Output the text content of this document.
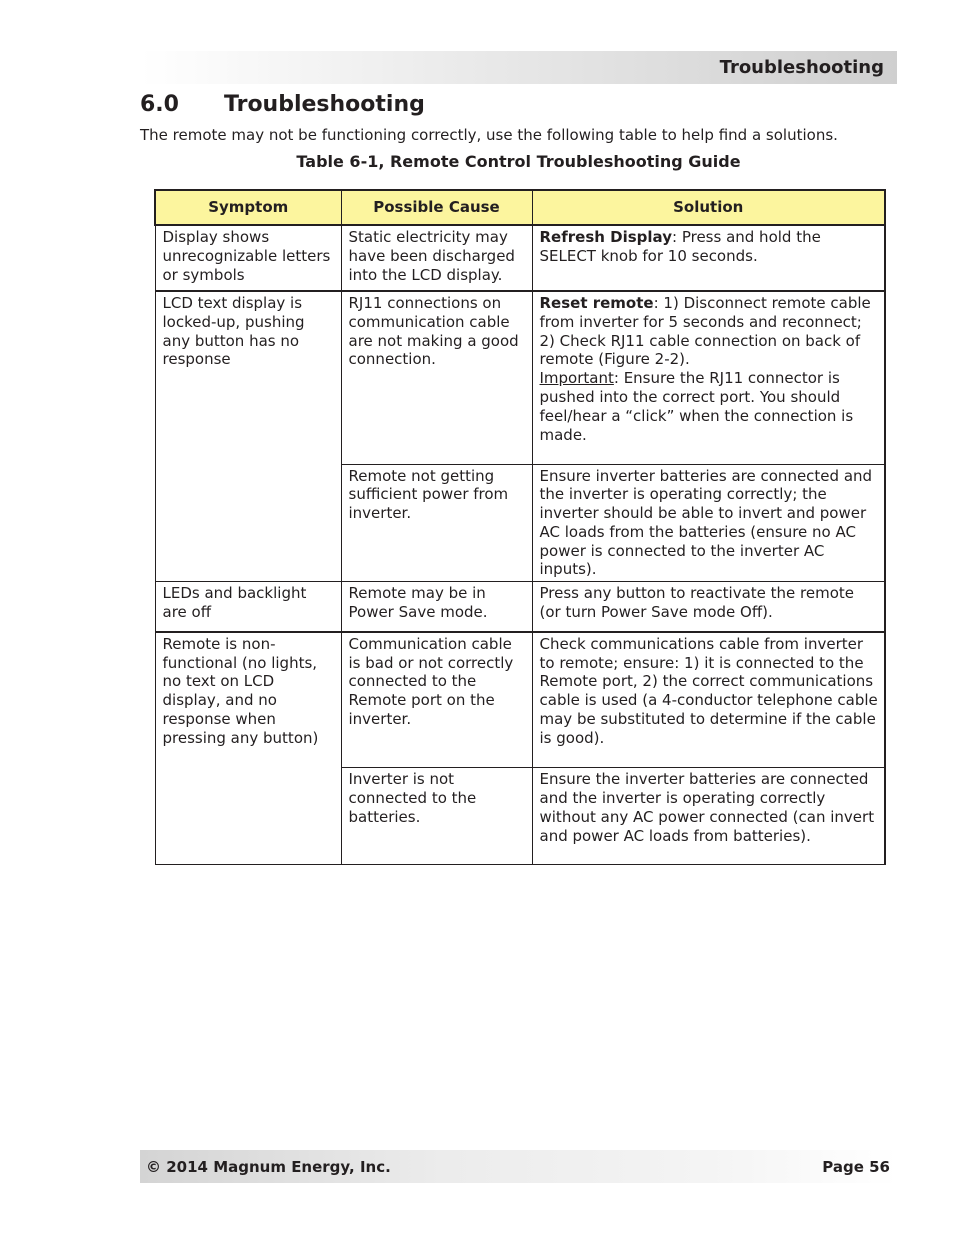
Troubleshooting
6.0 Troubleshooting

The remote may not be functioning correctly, use the following table to help find a solutions.

Table 6-1, Remote Control Troubleshooting Guide

Symptom	Possible Cause	Solution
Display shows unrecognizable letters or symbols	Static electricity may have been discharged into the LCD display.	Refresh Display: Press and hold the SELECT knob for 10 seconds.
LCD text display is locked-up, pushing any button has no response	RJ11 connections on communication cable are not making a good connection.	Reset remote: 1) Disconnect remote cable from inverter for 5 seconds and reconnect;
2) Check RJ11 cable connection on back of remote (Figure 2-2).
Important: Ensure the RJ11 connector is pushed into the correct port. You should feel/hear a “click” when the connection is made.
	Remote not getting sufficient power from inverter.	Ensure inverter batteries are connected and the inverter is operating correctly; the inverter should be able to invert and power AC loads from the batteries (ensure no AC power is connected to the inverter AC inputs).
LEDs and backlight are off	Remote may be in Power Save mode.	Press any button to reactivate the remote (or turn Power Save mode Off).
Remote is non-functional (no lights, no text on LCD display, and no response when pressing any button)	Communication cable is bad or not correctly connected to the Remote port on the inverter.	Check communications cable from inverter to remote; ensure: 1) it is connected to the Remote port, 2) the correct communications cable is used (a 4-conductor telephone cable may be substituted to determine if the cable is good).
	Inverter is not connected to the batteries.	Ensure the inverter batteries are connected and the inverter is operating correctly without any AC power connected (can invert and power AC loads from batteries).
© 2014 Magnum Energy, Inc.	Page 56
